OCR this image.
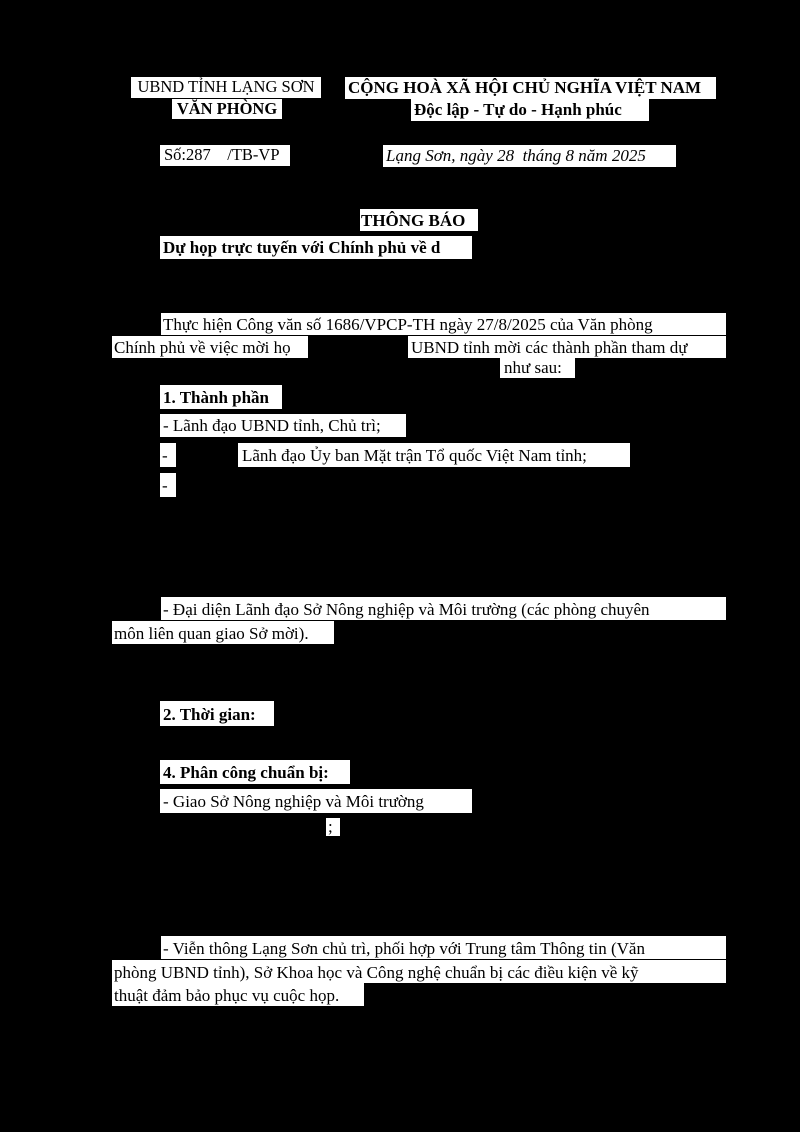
UBND TỈNH LẠNG SƠN
VĂN PHÒNG
CỘNG HOÀ XÃ HỘI CHỦ NGHĨA VIỆT NAM
Độc lập - Tự do - Hạnh phúc
Số:287    /TB-VP	Lạng Sơn, ngày 28  tháng 8 năm 2025
THÔNG BÁO
Dự họp trực tuyến với Chính phủ về d
Thực hiện Công văn số 1686/VPCP-TH ngày 27/8/2025 của Văn phòng
Chính phủ về việc mời họ	UBND tỉnh mời các thành phần tham dự
như sau:
1. Thành phần
- Lãnh đạo UBND tỉnh, Chủ trì;
-	Lãnh đạo Ủy ban Mặt trận Tổ quốc Việt Nam tỉnh;
-
- Đại diện Lãnh đạo Sở Nông nghiệp và Môi trường (các phòng chuyên
môn liên quan giao Sở mời).
2. Thời gian:
4. Phân công chuẩn bị:
- Giao Sở Nông nghiệp và Môi trường
;
- Viễn thông Lạng Sơn chủ trì, phối hợp với Trung tâm Thông tin (Văn
phòng UBND tỉnh), Sở Khoa học và Công nghệ chuẩn bị các điều kiện về kỹ
thuật đảm bảo phục vụ cuộc họp.
